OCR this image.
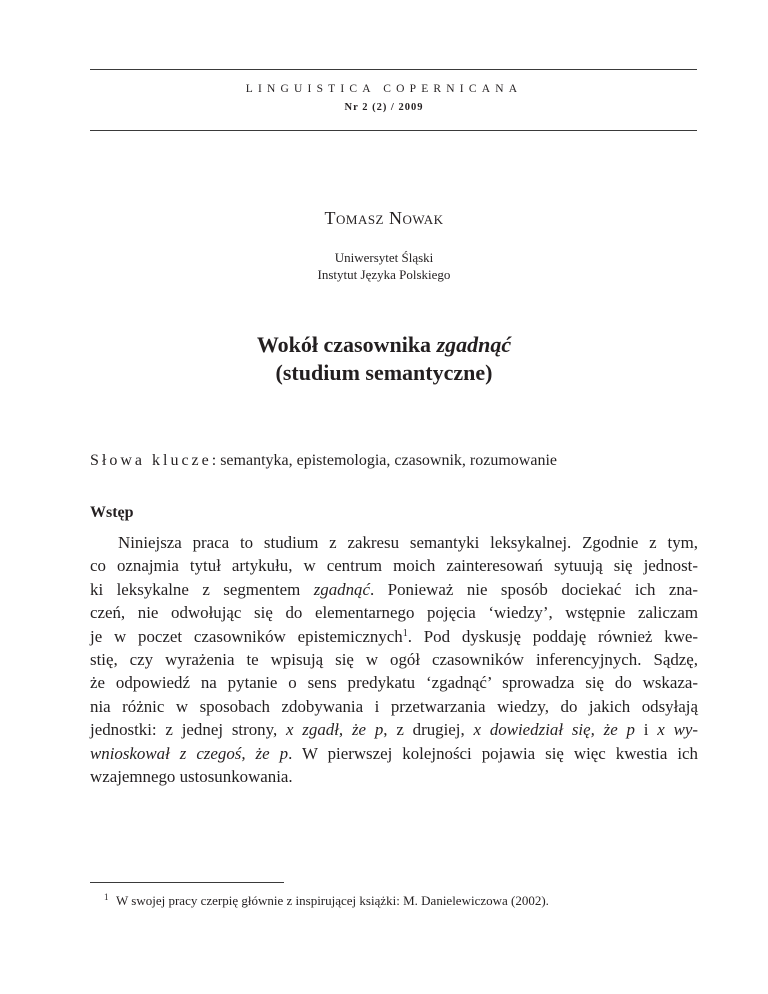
LINGUISTICA COPERNICANA
Nr 2 (2) / 2009
Tomasz Nowak
Uniwersytet Śląski
Instytut Języka Polskiego
Wokół czasownika zgadnąć
(studium semantyczne)
Słowa klucze: semantyka, epistemologia, czasownik, rozumowanie
Wstęp
Niniejsza praca to studium z zakresu semantyki leksykalnej. Zgodnie z tym,
co oznajmia tytuł artykułu, w centrum moich zainteresowań sytuują się jednost-
ki leksykalne z segmentem zgadnąć. Ponieważ nie sposób dociekać ich zna-
czeń, nie odwołując się do elementarnego pojęcia ‘wiedzy’, wstępnie zaliczam
je w poczet czasowników epistemicznych$^1$. Pod dyskusję poddaję również kwe-
stię, czy wyrażenia te wpisują się w ogół czasowników inferencyjnych. Sądzę,
że odpowiedź na pytanie o sens predykatu ‘zgadnąć’ sprowadza się do wskaza-
nia różnic w sposobach zdobywania i przetwarzania wiedzy, do jakich odsyłają
jednostki: z jednej strony, x zgadł, że p, z drugiej, x dowiedział się, że p i x wy-
wnioskował z czegoś, że p. W pierwszej kolejności pojawia się więc kwestia ich
wzajemnego ustosunkowania.
1 W swojej pracy czerpię głównie z inspirującej książki: M. Danielewiczowa (2002).
